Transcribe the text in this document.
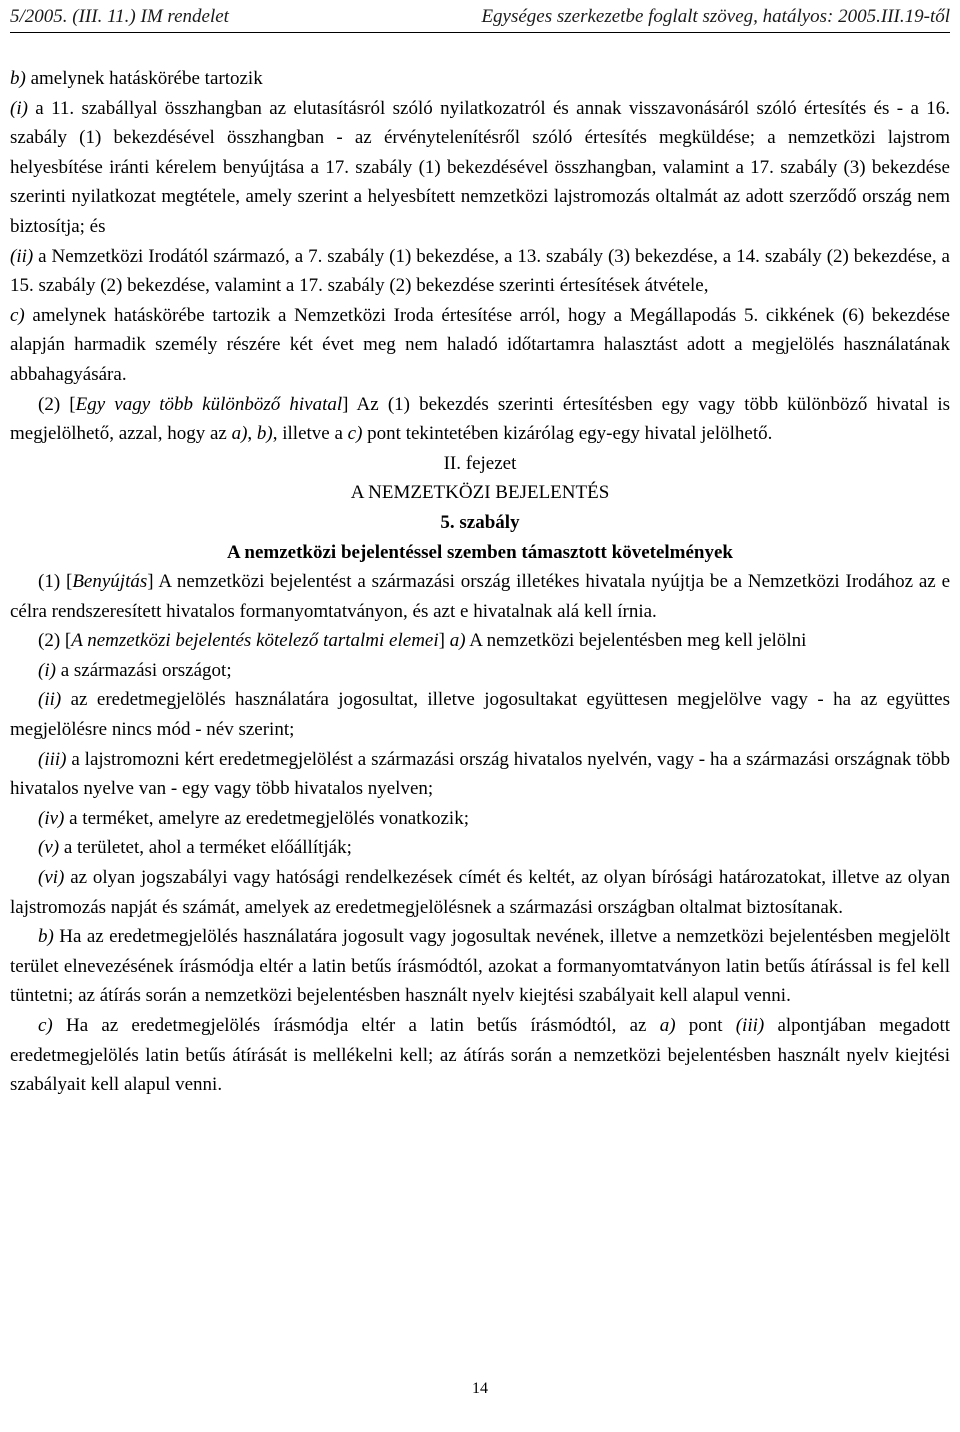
5/2005. (III. 11.) IM rendelet	Egységes szerkezetbe foglalt szöveg, hatályos: 2005.III.19-től

b) amelynek hatáskörébe tartozik

(i) a 11. szabállyal összhangban az elutasításról szóló nyilatkozatról és annak visszavonásáról szóló értesítés és - a 16. szabály (1) bekezdésével összhangban - az érvénytelenítésről szóló értesítés megküldése; a nemzetközi lajstrom helyesbítése iránti kérelem benyújtása a 17. szabály (1) bekezdésével összhangban, valamint a 17. szabály (3) bekezdése szerinti nyilatkozat megtétele, amely szerint a helyesbített nemzetközi lajstromozás oltalmát az adott szerződő ország nem biztosítja; és

(ii) a Nemzetközi Irodától származó, a 7. szabály (1) bekezdése, a 13. szabály (3) bekezdése, a 14. szabály (2) bekezdése, a 15. szabály (2) bekezdése, valamint a 17. szabály (2) bekezdése szerinti értesítések átvétele,

c) amelynek hatáskörébe tartozik a Nemzetközi Iroda értesítése arról, hogy a Megállapodás 5. cikkének (6) bekezdése alapján harmadik személy részére két évet meg nem haladó időtartamra halasztást adott a megjelölés használatának abbahagyására.

(2) [Egy vagy több különböző hivatal] Az (1) bekezdés szerinti értesítésben egy vagy több különböző hivatal is megjelölhető, azzal, hogy az a), b), illetve a c) pont tekintetében kizárólag egy-egy hivatal jelölhető.

II. fejezet

A NEMZETKÖZI BEJELENTÉS

5. szabály

A nemzetközi bejelentéssel szemben támasztott követelmények

(1) [Benyújtás] A nemzetközi bejelentést a származási ország illetékes hivatala nyújtja be a Nemzetközi Irodához az e célra rendszeresített hivatalos formanyomtatványon, és azt e hivatalnak alá kell írnia.

(2) [A nemzetközi bejelentés kötelező tartalmi elemei] a) A nemzetközi bejelentésben meg kell jelölni

(i) a származási országot;

(ii) az eredetmegjelölés használatára jogosultat, illetve jogosultakat együttesen megjelölve vagy - ha az együttes megjelölésre nincs mód - név szerint;

(iii) a lajstromozni kért eredetmegjelölést a származási ország hivatalos nyelvén, vagy - ha a származási országnak több hivatalos nyelve van - egy vagy több hivatalos nyelven;

(iv) a terméket, amelyre az eredetmegjelölés vonatkozik;

(v) a területet, ahol a terméket előállítják;

(vi) az olyan jogszabályi vagy hatósági rendelkezések címét és keltét, az olyan bírósági határozatokat, illetve az olyan lajstromozás napját és számát, amelyek az eredetmegjelölésnek a származási országban oltalmat biztosítanak.

b) Ha az eredetmegjelölés használatára jogosult vagy jogosultak nevének, illetve a nemzetközi bejelentésben megjelölt terület elnevezésének írásmódja eltér a latin betűs írásmódtól, azokat a formanyomtatványon latin betűs átírással is fel kell tüntetni; az átírás során a nemzetközi bejelentésben használt nyelv kiejtési szabályait kell alapul venni.

c) Ha az eredetmegjelölés írásmódja eltér a latin betűs írásmódtól, az a) pont (iii) alpontjában megadott eredetmegjelölés latin betűs átírását is mellékelni kell; az átírás során a nemzetközi bejelentésben használt nyelv kiejtési szabályait kell alapul venni.

14
